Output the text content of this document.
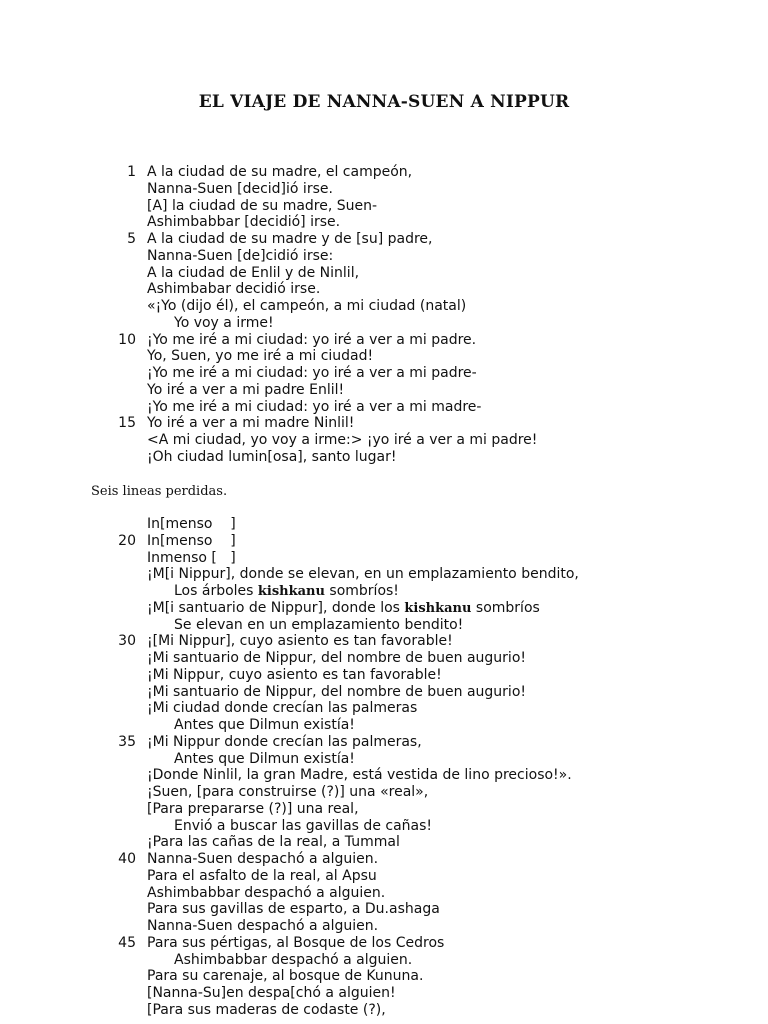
EL VIAJE DE NANNA-SUEN A NIPPUR
1 A la ciudad de su madre, el campeón,
Nanna-Suen [decid]ió irse.
[A] la ciudad de su madre, Suen-
Ashimbabbar [decidió] irse.
5 A la ciudad de su madre y de [su] padre,
Nanna-Suen [de]cidió irse:
A la ciudad de Enlil y de Ninlil,
Ashimbabar decidió irse.
«¡Yo (dijo él), el campeón, a mi ciudad (natal)
Yo voy a irme!
10 ¡Yo me iré a mi ciudad: yo iré a ver a mi padre.
Yo, Suen, yo me iré a mi ciudad!
¡Yo me iré a mi ciudad: yo iré a ver a mi padre-
Yo iré a ver a mi padre Enlil!
¡Yo me iré a mi ciudad: yo iré a ver a mi madre-
15 Yo iré a ver a mi madre Ninlil!
<A mi ciudad, yo voy a irme:> ¡yo iré a ver a mi padre!
¡Oh ciudad lumin[osa], santo lugar!

Seis lineas perdidas.

In[menso    ]
20 In[menso    ]
Inmenso [   ]
¡M[i Nippur], donde se elevan, en un emplazamiento bendito,
Los árboles kishkanu sombríos!
¡M[i santuario de Nippur], donde los kishkanu sombríos
Se elevan en un emplazamiento bendito!
30 ¡[Mi Nippur], cuyo asiento es tan favorable!
¡Mi santuario de Nippur, del nombre de buen augurio!
¡Mi Nippur, cuyo asiento es tan favorable!
¡Mi santuario de Nippur, del nombre de buen augurio!
¡Mi ciudad donde crecían las palmeras
Antes que Dilmun existía!
35 ¡Mi Nippur donde crecían las palmeras,
Antes que Dilmun existía!
¡Donde Ninlil, la gran Madre, está vestida de lino precioso!».
¡Suen, [para construirse (?)] una «real»,
[Para prepararse (?)] una real,
Envió a buscar las gavillas de cañas!
¡Para las cañas de la real, a Tummal
40 Nanna-Suen despachó a alguien.
Para el asfalto de la real, al Apsu
Ashimbabbar despachó a alguien.
Para sus gavillas de esparto, a Du.ashaga
Nanna-Suen despachó a alguien.
45 Para sus pértigas, al Bosque de los Cedros
Ashimbabbar despachó a alguien.
Para su carenaje, al bosque de Kununa.
[Nanna-Su]en despa[chó a alguien!
[Para sus maderas de codaste (?),
